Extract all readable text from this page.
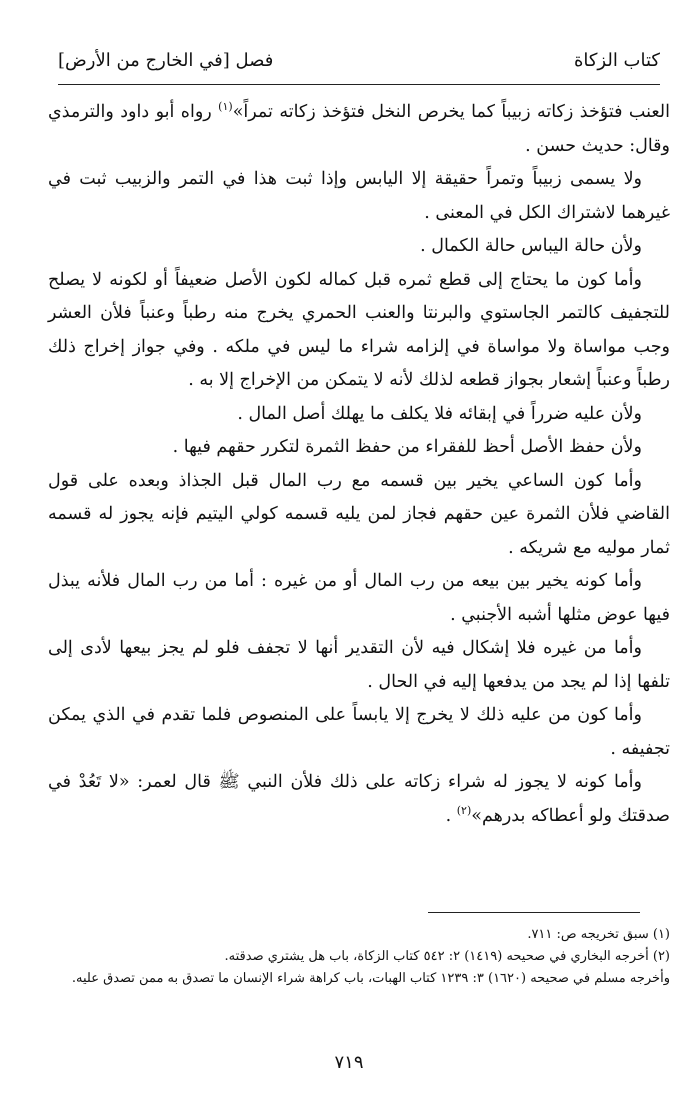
كتاب الزكاة
فصل [في الخارج من الأرض]

العنب فتؤخذ زكاته زبيباً كما يخرص النخل فتؤخذ زكاته تمراً»$^{(١)}$ رواه أبو داود والترمذي وقال: حديث حسن .

ولا يسمى زبيباً وتمراً حقيقة إلا اليابس وإذا ثبت هذا في التمر والزبيب ثبت في غيرهما لاشتراك الكل في المعنى .

ولأن حالة اليباس حالة الكمال .

وأما كون ما يحتاج إلى قطع ثمره قبل كماله لكون الأصل ضعيفاً أو لكونه لا يصلح للتجفيف كالتمر الجاستوي والبرنتا والعنب الحمري يخرج منه رطباً وعنباً فلأن العشر وجب مواساة ولا مواساة في إلزامه شراء ما ليس في ملكه . وفي جواز إخراج ذلك رطباً وعنباً إشعار بجواز قطعه لذلك لأنه لا يتمكن من الإخراج إلا به .

ولأن عليه ضرراً في إبقائه فلا يكلف ما يهلك أصل المال .

ولأن حفظ الأصل أحظ للفقراء من حفظ الثمرة لتكرر حقهم فيها .

وأما كون الساعي يخير بين قسمه مع رب المال قبل الجذاذ وبعده على قول القاضي فلأن الثمرة عين حقهم فجاز لمن يليه قسمه كولي اليتيم فإنه يجوز له قسمه ثمار موليه مع شريكه .

وأما كونه يخير بين بيعه من رب المال أو من غيره : أما من رب المال فلأنه يبذل فيها عوض مثلها أشبه الأجنبي .

وأما من غيره فلا إشكال فيه لأن التقدير أنها لا تجفف فلو لم يجز بيعها لأدى إلى تلفها إذا لم يجد من يدفعها إليه في الحال .

وأما كون من عليه ذلك لا يخرج إلا يابساً على المنصوص فلما تقدم في الذي يمكن تجفيفه .

وأما كونه لا يجوز له شراء زكاته على ذلك فلأن النبي ﷺ قال لعمر: «لا تَعُدْ في صدقتك ولو أعطاكه بدرهم»$^{(٢)}$ .

(١) سبق تخريجه ص: ٧١١.

(٢) أخرجه البخاري في صحيحه (١٤١٩) ٢: ٥٤٢ كتاب الزكاة، باب هل يشتري صدقته.

وأخرجه مسلم في صحيحه (١٦٢٠) ٣: ١٢٣٩ كتاب الهبات، باب كراهة شراء الإنسان ما تصدق به ممن تصدق عليه.

٧١٩
